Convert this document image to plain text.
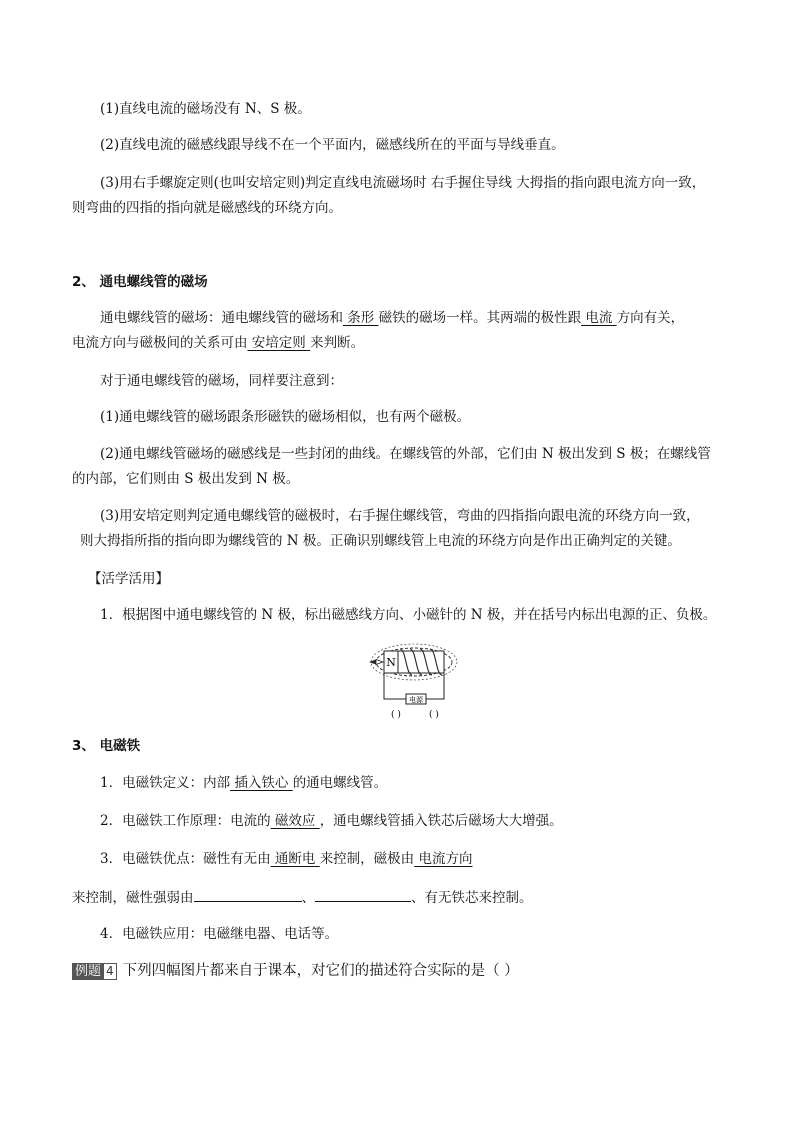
(1)直线电流的磁场没有 N、S 极。
(2)直线电流的磁感线跟导线不在一个平面内，磁感线所在的平面与导线垂直。
(3)用右手螺旋定则(也叫安培定则)判定直线电流磁场时 右手握住导线 大拇指的指向跟电流方向一致，
则弯曲的四指的指向就是磁感线的环绕方向。
2、 通电螺线管的磁场
通电螺线管的磁场：通电螺线管的磁场和 条形 磁铁的磁场一样。其两端的极性跟 电流 方向有关，
电流方向与磁极间的关系可由 安培定则 来判断。
对于通电螺线管的磁场，同样要注意到：
(1)通电螺线管的磁场跟条形磁铁的磁场相似，也有两个磁极。
(2)通电螺线管磁场的磁感线是一些封闭的曲线。在螺线管的外部，它们由 N 极出发到 S 极；在螺线管
的内部，它们则由 S 极出发到 N 极。
(3)用安培定则判定通电螺线管的磁极时，右手握住螺线管，弯曲的四指指向跟电流的环绕方向一致，
则大拇指所指的指向即为螺线管的 N 极。正确识别螺线管上电流的环绕方向是作出正确判定的关键。
【活学活用】
1．根据图中通电螺线管的 N 极，标出磁感线方向、小磁针的 N 极，并在括号内标出电源的正、负极。
N
电源
( )	( )
3、 电磁铁
1．电磁铁定义：内部 插入铁心 的通电螺线管。
2．电磁铁工作原理：电流的 磁效应 ，通电螺线管插入铁芯后磁场大大增强。
3．电磁铁优点：磁性有无由 通断电 来控制，磁极由 电流方向
来控制，磁性强弱由	、	、有无铁芯来控制。
4．电磁铁应用：电磁继电器、电话等。
例题 4 下列四幅图片都来自于课本，对它们的描述符合实际的是（ ）
